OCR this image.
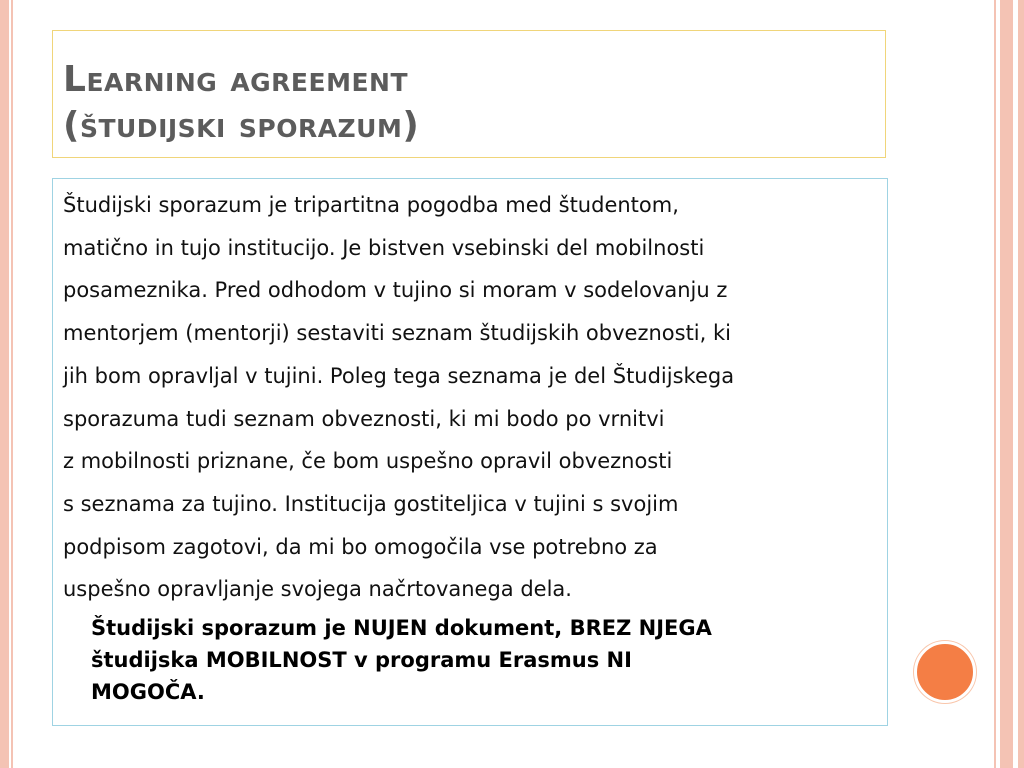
Learning agreement
(študijski sporazum)

Študijski sporazum je tripartitna pogodba med študentom,
matično in tujo institucijo. Je bistven vsebinski del mobilnosti
posameznika. Pred odhodom v tujino si moram v sodelovanju z
mentorjem (mentorji) sestaviti seznam študijskih obveznosti, ki
jih bom opravljal v tujini. Poleg tega seznama je del Študijskega
sporazuma tudi seznam obveznosti, ki mi bodo po vrnitvi
z mobilnosti priznane, če bom uspešno opravil obveznosti
s seznama za tujino. Institucija gostiteljica v tujini s svojim
podpisom zagotovi, da mi bo omogočila vse potrebno za
uspešno opravljanje svojega načrtovanega dela.

Študijski sporazum je NUJEN dokument, BREZ NJEGA
študijska MOBILNOST v programu Erasmus NI
MOGOČA.
